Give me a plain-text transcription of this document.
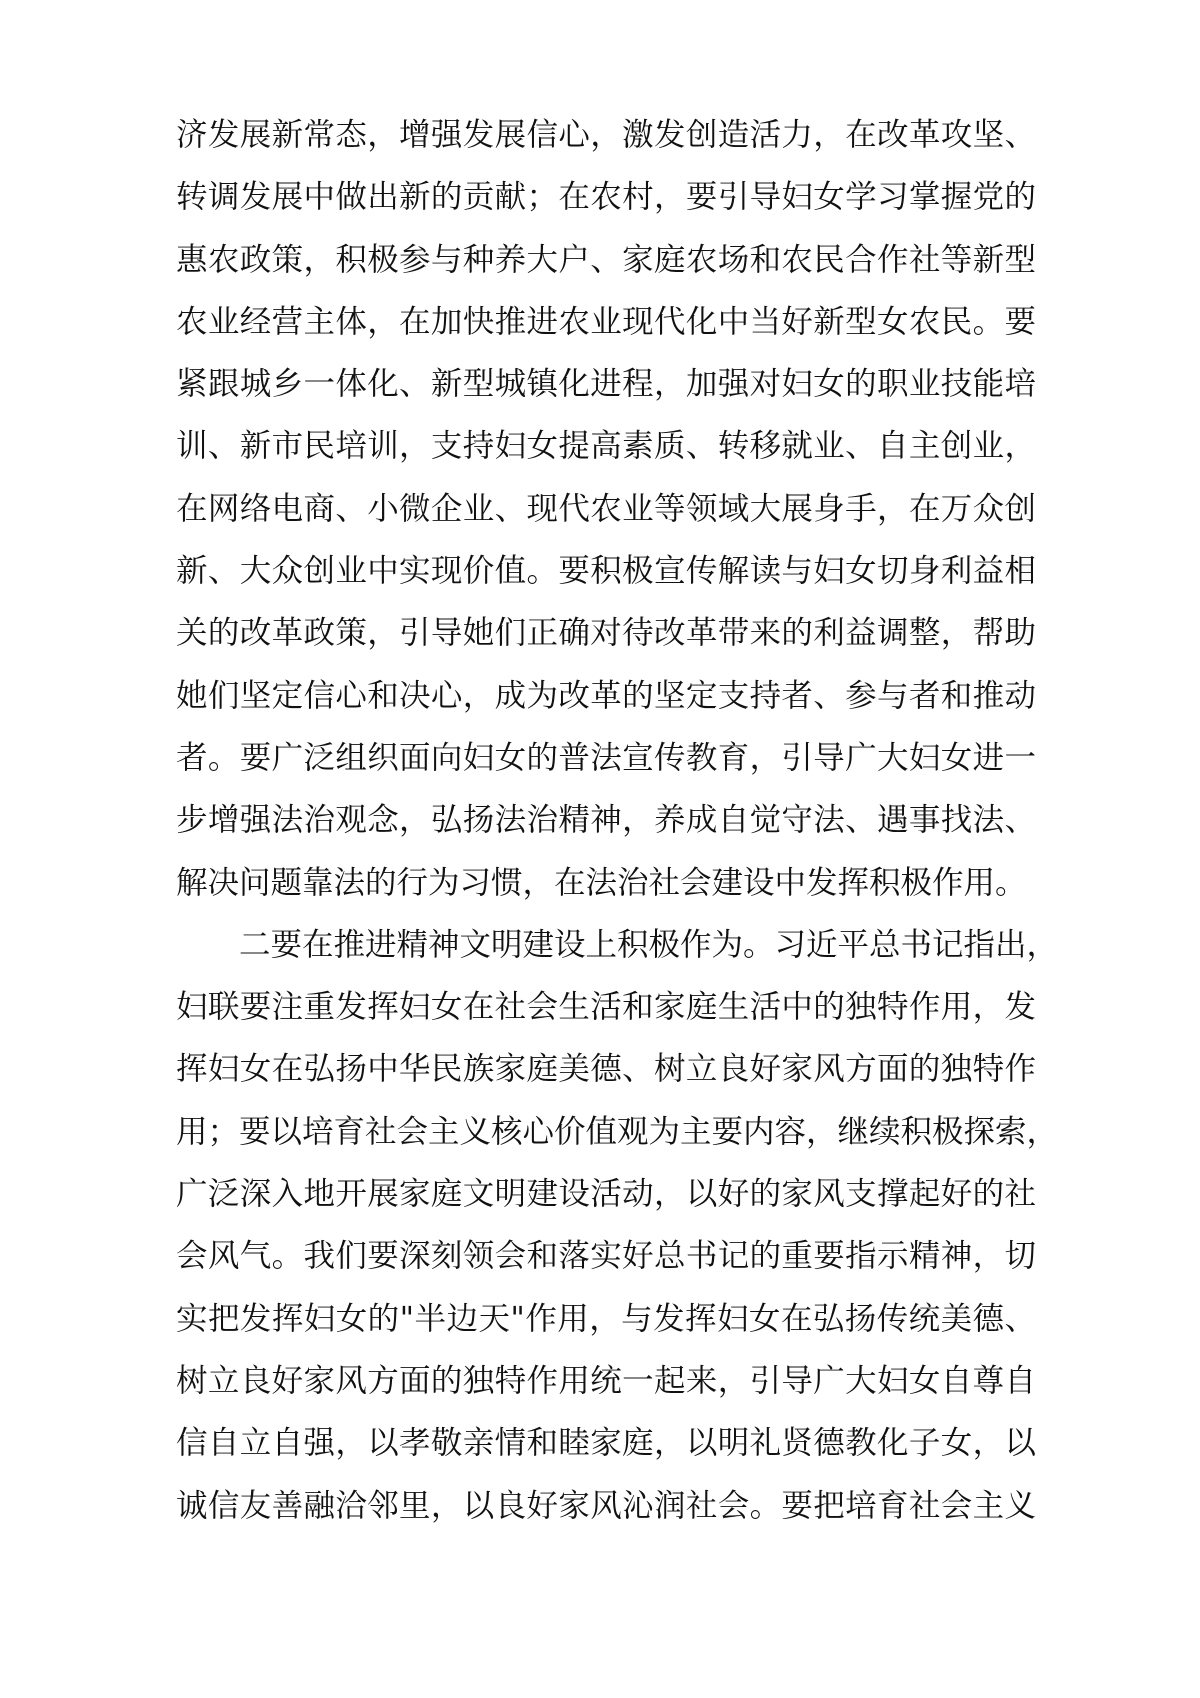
济发展新常态，增强发展信心，激发创造活力，在改革攻坚、
转调发展中做出新的贡献；在农村，要引导妇女学习掌握党的
惠农政策，积极参与种养大户、家庭农场和农民合作社等新型
农业经营主体，在加快推进农业现代化中当好新型女农民。要
紧跟城乡一体化、新型城镇化进程，加强对妇女的职业技能培
训、新市民培训，支持妇女提高素质、转移就业、自主创业，
在网络电商、小微企业、现代农业等领域大展身手，在万众创
新、大众创业中实现价值。要积极宣传解读与妇女切身利益相
关的改革政策，引导她们正确对待改革带来的利益调整，帮助
她们坚定信心和决心，成为改革的坚定支持者、参与者和推动
者。要广泛组织面向妇女的普法宣传教育，引导广大妇女进一
步增强法治观念，弘扬法治精神，养成自觉守法、遇事找法、
解决问题靠法的行为习惯，在法治社会建设中发挥积极作用。
二要在推进精神文明建设上积极作为。习近平总书记指出，
妇联要注重发挥妇女在社会生活和家庭生活中的独特作用，发
挥妇女在弘扬中华民族家庭美德、树立良好家风方面的独特作
用；要以培育社会主义核心价值观为主要内容，继续积极探索，
广泛深入地开展家庭文明建设活动，以好的家风支撑起好的社
会风气。我们要深刻领会和落实好总书记的重要指示精神，切
实把发挥妇女的"半边天"作用，与发挥妇女在弘扬传统美德、
树立良好家风方面的独特作用统一起来，引导广大妇女自尊自
信自立自强，以孝敬亲情和睦家庭，以明礼贤德教化子女，以
诚信友善融洽邻里，以良好家风沁润社会。要把培育社会主义
